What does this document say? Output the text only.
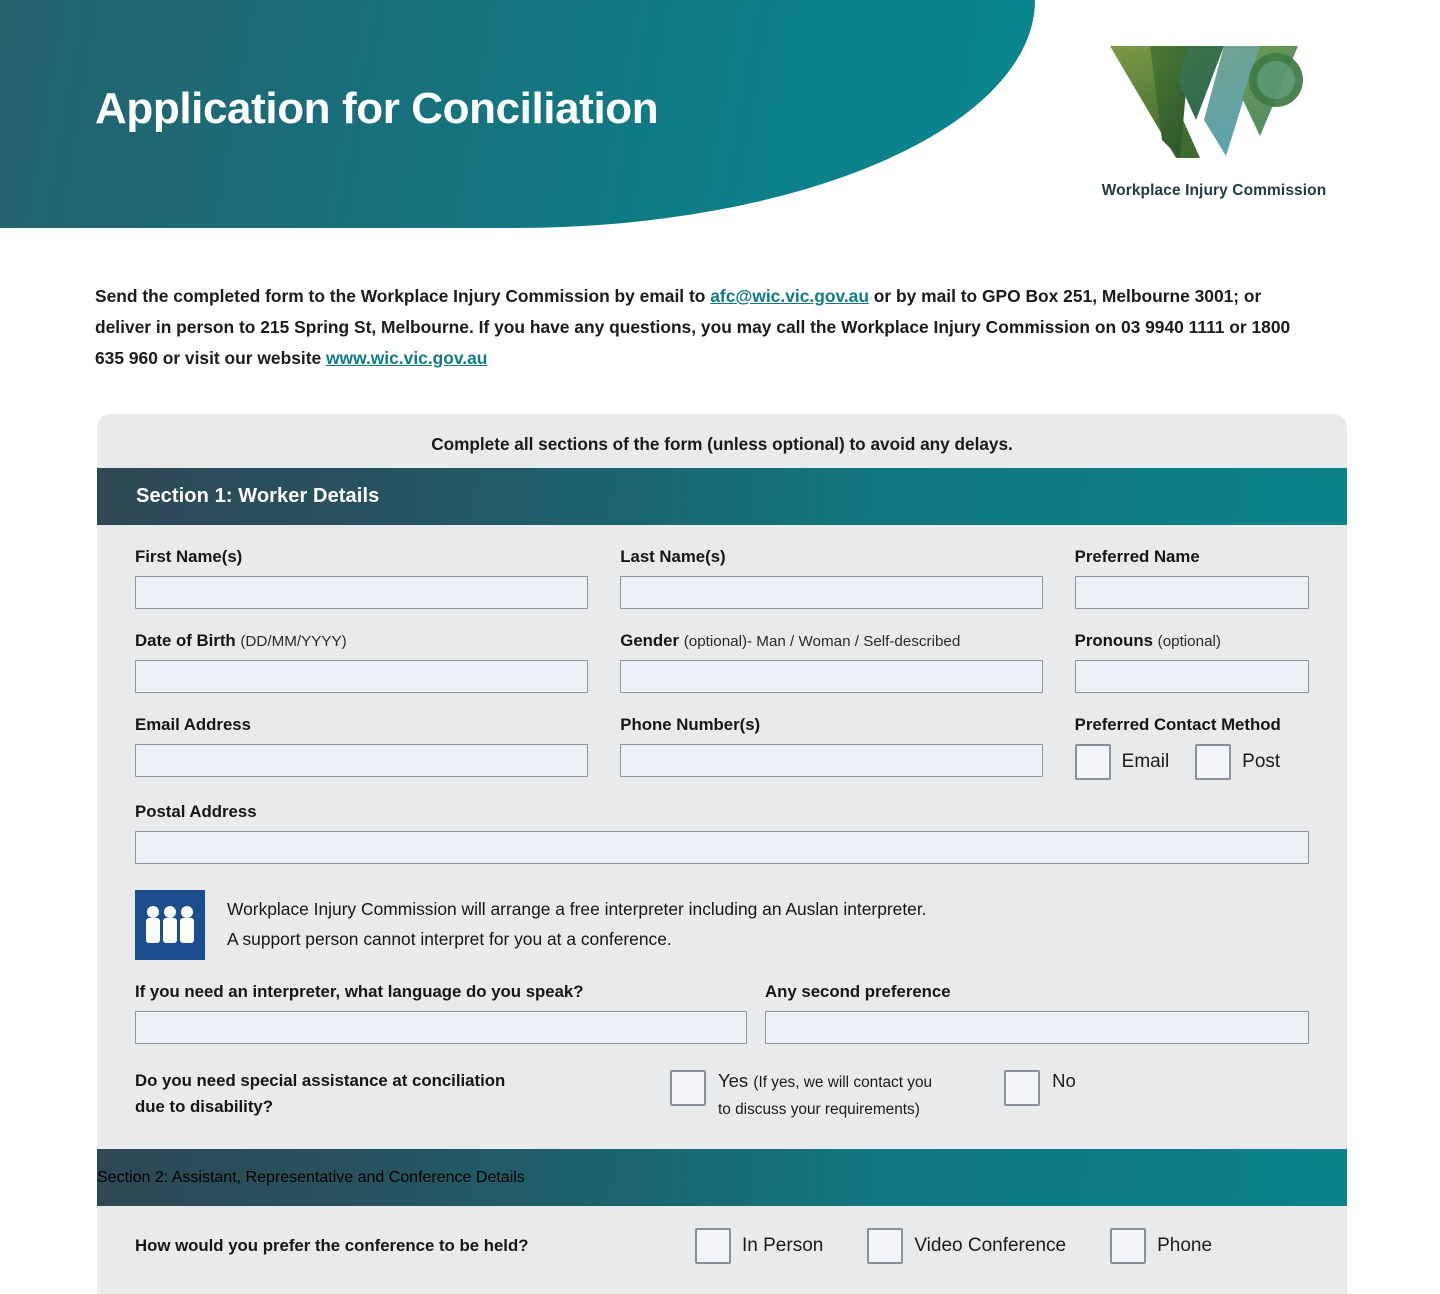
Application for Conciliation
Workplace Injury Commission

Send the completed form to the Workplace Injury Commission by email to afc@wic.vic.gov.au or by mail to GPO Box 251, Melbourne 3001; or deliver in person to 215 Spring St, Melbourne. If you have any questions, you may call the Workplace Injury Commission on 03 9940 1111 or 1800 635 960 or visit our website www.wic.vic.gov.au

Complete all sections of the form (unless optional) to avoid any delays.
Section 1: Worker Details
First Name(s)	Last Name(s)	Preferred Name
Date of Birth (DD/MM/YYYY)	Gender (optional)- Man / Woman / Self-described	Pronouns (optional)
Email Address	Phone Number(s)	Preferred Contact Method
Email	Post
Postal Address
Workplace Injury Commission will arrange a free interpreter including an Auslan interpreter.
A support person cannot interpret for you at a conference.
If you need an interpreter, what language do you speak?	Any second preference
Do you need special assistance at conciliation
due to disability?
Yes (If yes, we will contact you
to discuss your requirements)
No
Section 2: Assistant, Representative and Conference Details
How would you prefer the conference to be held?	In Person	Video Conference	Phone
